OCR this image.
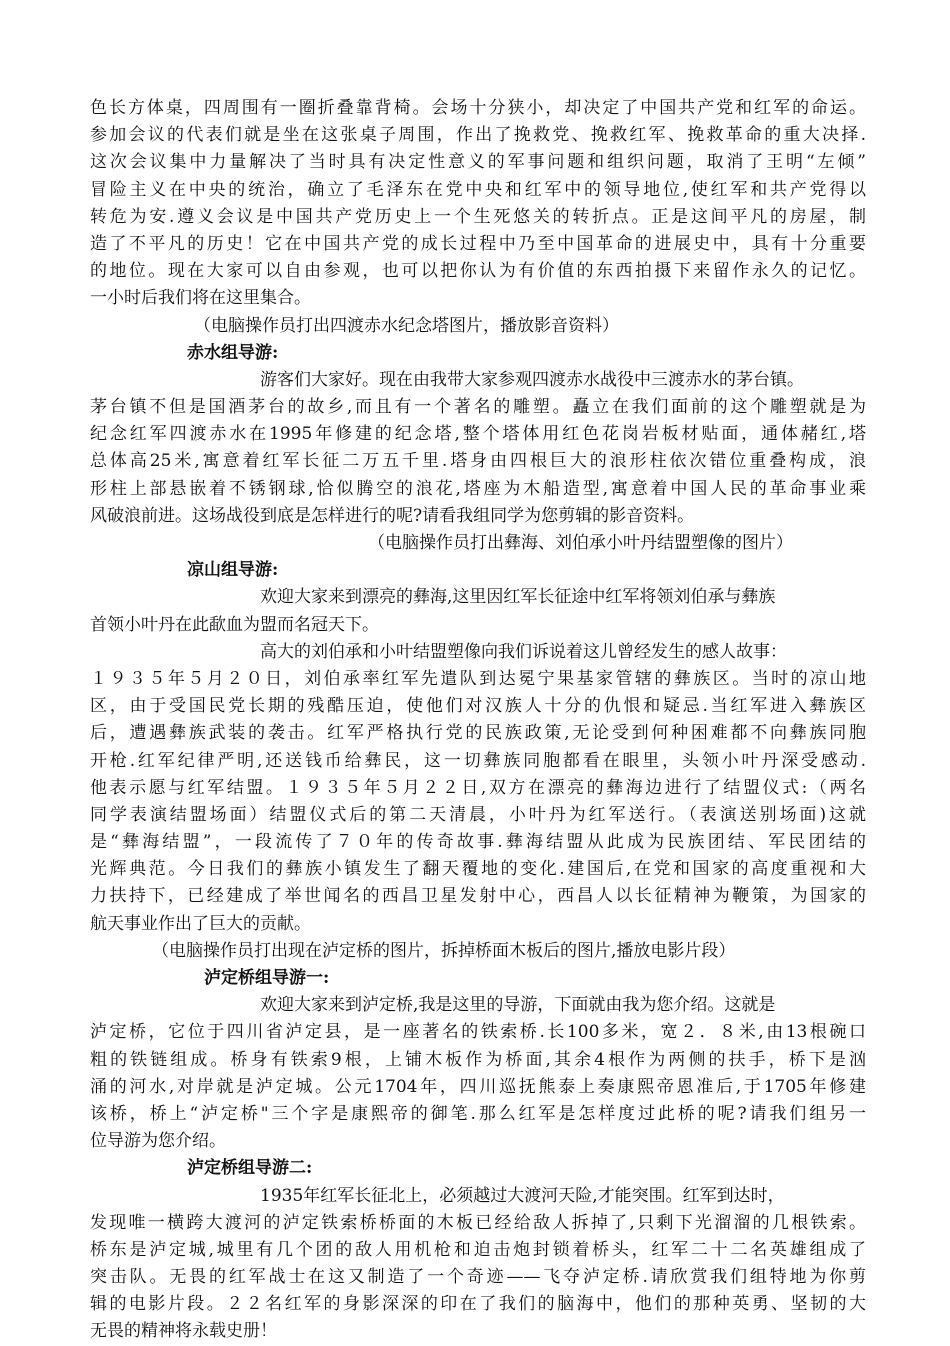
色长方体桌，四周围有一圈折叠靠背椅。会场十分狭小，却决定了中国共产党和红军的命运。
参加会议的代表们就是坐在这张桌子周围，作出了挽救党、挽救红军、挽救革命的重大决择.
这次会议集中力量解决了当时具有决定性意义的军事问题和组织问题，取消了王明“左倾”
冒险主义在中央的统治，确立了毛泽东在党中央和红军中的领导地位,使红军和共产党得以
转危为安.遵义会议是中国共产党历史上一个生死悠关的转折点。正是这间平凡的房屋，制
造了不平凡的历史！它在中国共产党的成长过程中乃至中国革命的进展史中，具有十分重要
的地位。现在大家可以自由参观，也可以把你认为有价值的东西拍摄下来留作永久的记忆。
一小时后我们将在这里集合。
（电脑操作员打出四渡赤水纪念塔图片，播放影音资料）
赤水组导游:
游客们大家好。现在由我带大家参观四渡赤水战役中三渡赤水的茅台镇。
茅台镇不但是国酒茅台的故乡,而且有一个著名的雕塑。矗立在我们面前的这个雕塑就是为
纪念红军四渡赤水在1995年修建的纪念塔,整个塔体用红色花岗岩板材贴面，通体赭红,塔
总体高25米,寓意着红军长征二万五千里.塔身由四根巨大的浪形柱依次错位重叠构成，浪
形柱上部悬嵌着不锈钢球,恰似腾空的浪花,塔座为木船造型,寓意着中国人民的革命事业乘
风破浪前进。这场战役到底是怎样进行的呢?请看我组同学为您剪辑的影音资料。
（电脑操作员打出彝海、刘伯承小叶丹结盟塑像的图片）
凉山组导游:
欢迎大家来到漂亮的彝海,这里因红军长征途中红军将领刘伯承与彝族
首领小叶丹在此歃血为盟而名冠天下。
高大的刘伯承和小叶结盟塑像向我们诉说着这儿曾经发生的感人故事：
１９３５年５月２０日，刘伯承率红军先遣队到达冕宁果基家管辖的彝族区。当时的凉山地
区，由于受国民党长期的残酷压迫，使他们对汉族人十分的仇恨和疑忌.当红军进入彝族区
后，遭遇彝族武装的袭击。红军严格执行党的民族政策,无论受到何种困难都不向彝族同胞
开枪.红军纪律严明,还送钱币给彝民，这一切彝族同胞都看在眼里，头领小叶丹深受感动.
他表示愿与红军结盟。１９３５年５月２２日,双方在漂亮的彝海边进行了结盟仪式:（两名
同学表演结盟场面）结盟仪式后的第二天清晨，小叶丹为红军送行。（表演送别场面)这就
是“彝海结盟”，一段流传了７０年的传奇故事.彝海结盟从此成为民族团结、军民团结的
光辉典范。今日我们的彝族小镇发生了翻天覆地的变化.建国后,在党和国家的高度重视和大
力扶持下，已经建成了举世闻名的西昌卫星发射中心，西昌人以长征精神为鞭策，为国家的
航天事业作出了巨大的贡献。
（电脑操作员打出现在泸定桥的图片，拆掉桥面木板后的图片,播放电影片段）
泸定桥组导游一:
欢迎大家来到泸定桥,我是这里的导游，下面就由我为您介绍。这就是
泸定桥，它位于四川省泸定县，是一座著名的铁索桥.长100多米，宽２．８米,由13根碗口
粗的铁链组成。桥身有铁索9根，上铺木板作为桥面,其余4根作为两侧的扶手，桥下是汹
涌的河水,对岸就是泸定城。公元1704年，四川巡抚熊泰上奏康熙帝恩准后,于1705年修建
该桥，桥上“泸定桥"三个字是康熙帝的御笔.那么红军是怎样度过此桥的呢?请我们组另一
位导游为您介绍。
泸定桥组导游二:
1935年红军长征北上，必须越过大渡河天险,才能突围。红军到达时，
发现唯一横跨大渡河的泸定铁索桥桥面的木板已经给敌人拆掉了,只剩下光溜溜的几根铁索。
桥东是泸定城,城里有几个团的敌人用机枪和迫击炮封锁着桥头，红军二十二名英雄组成了
突击队。无畏的红军战士在这又制造了一个奇迹——飞夺泸定桥.请欣赏我们组特地为你剪
辑的电影片段。２２名红军的身影深深的印在了我们的脑海中，他们的那种英勇、坚韧的大
无畏的精神将永载史册！
